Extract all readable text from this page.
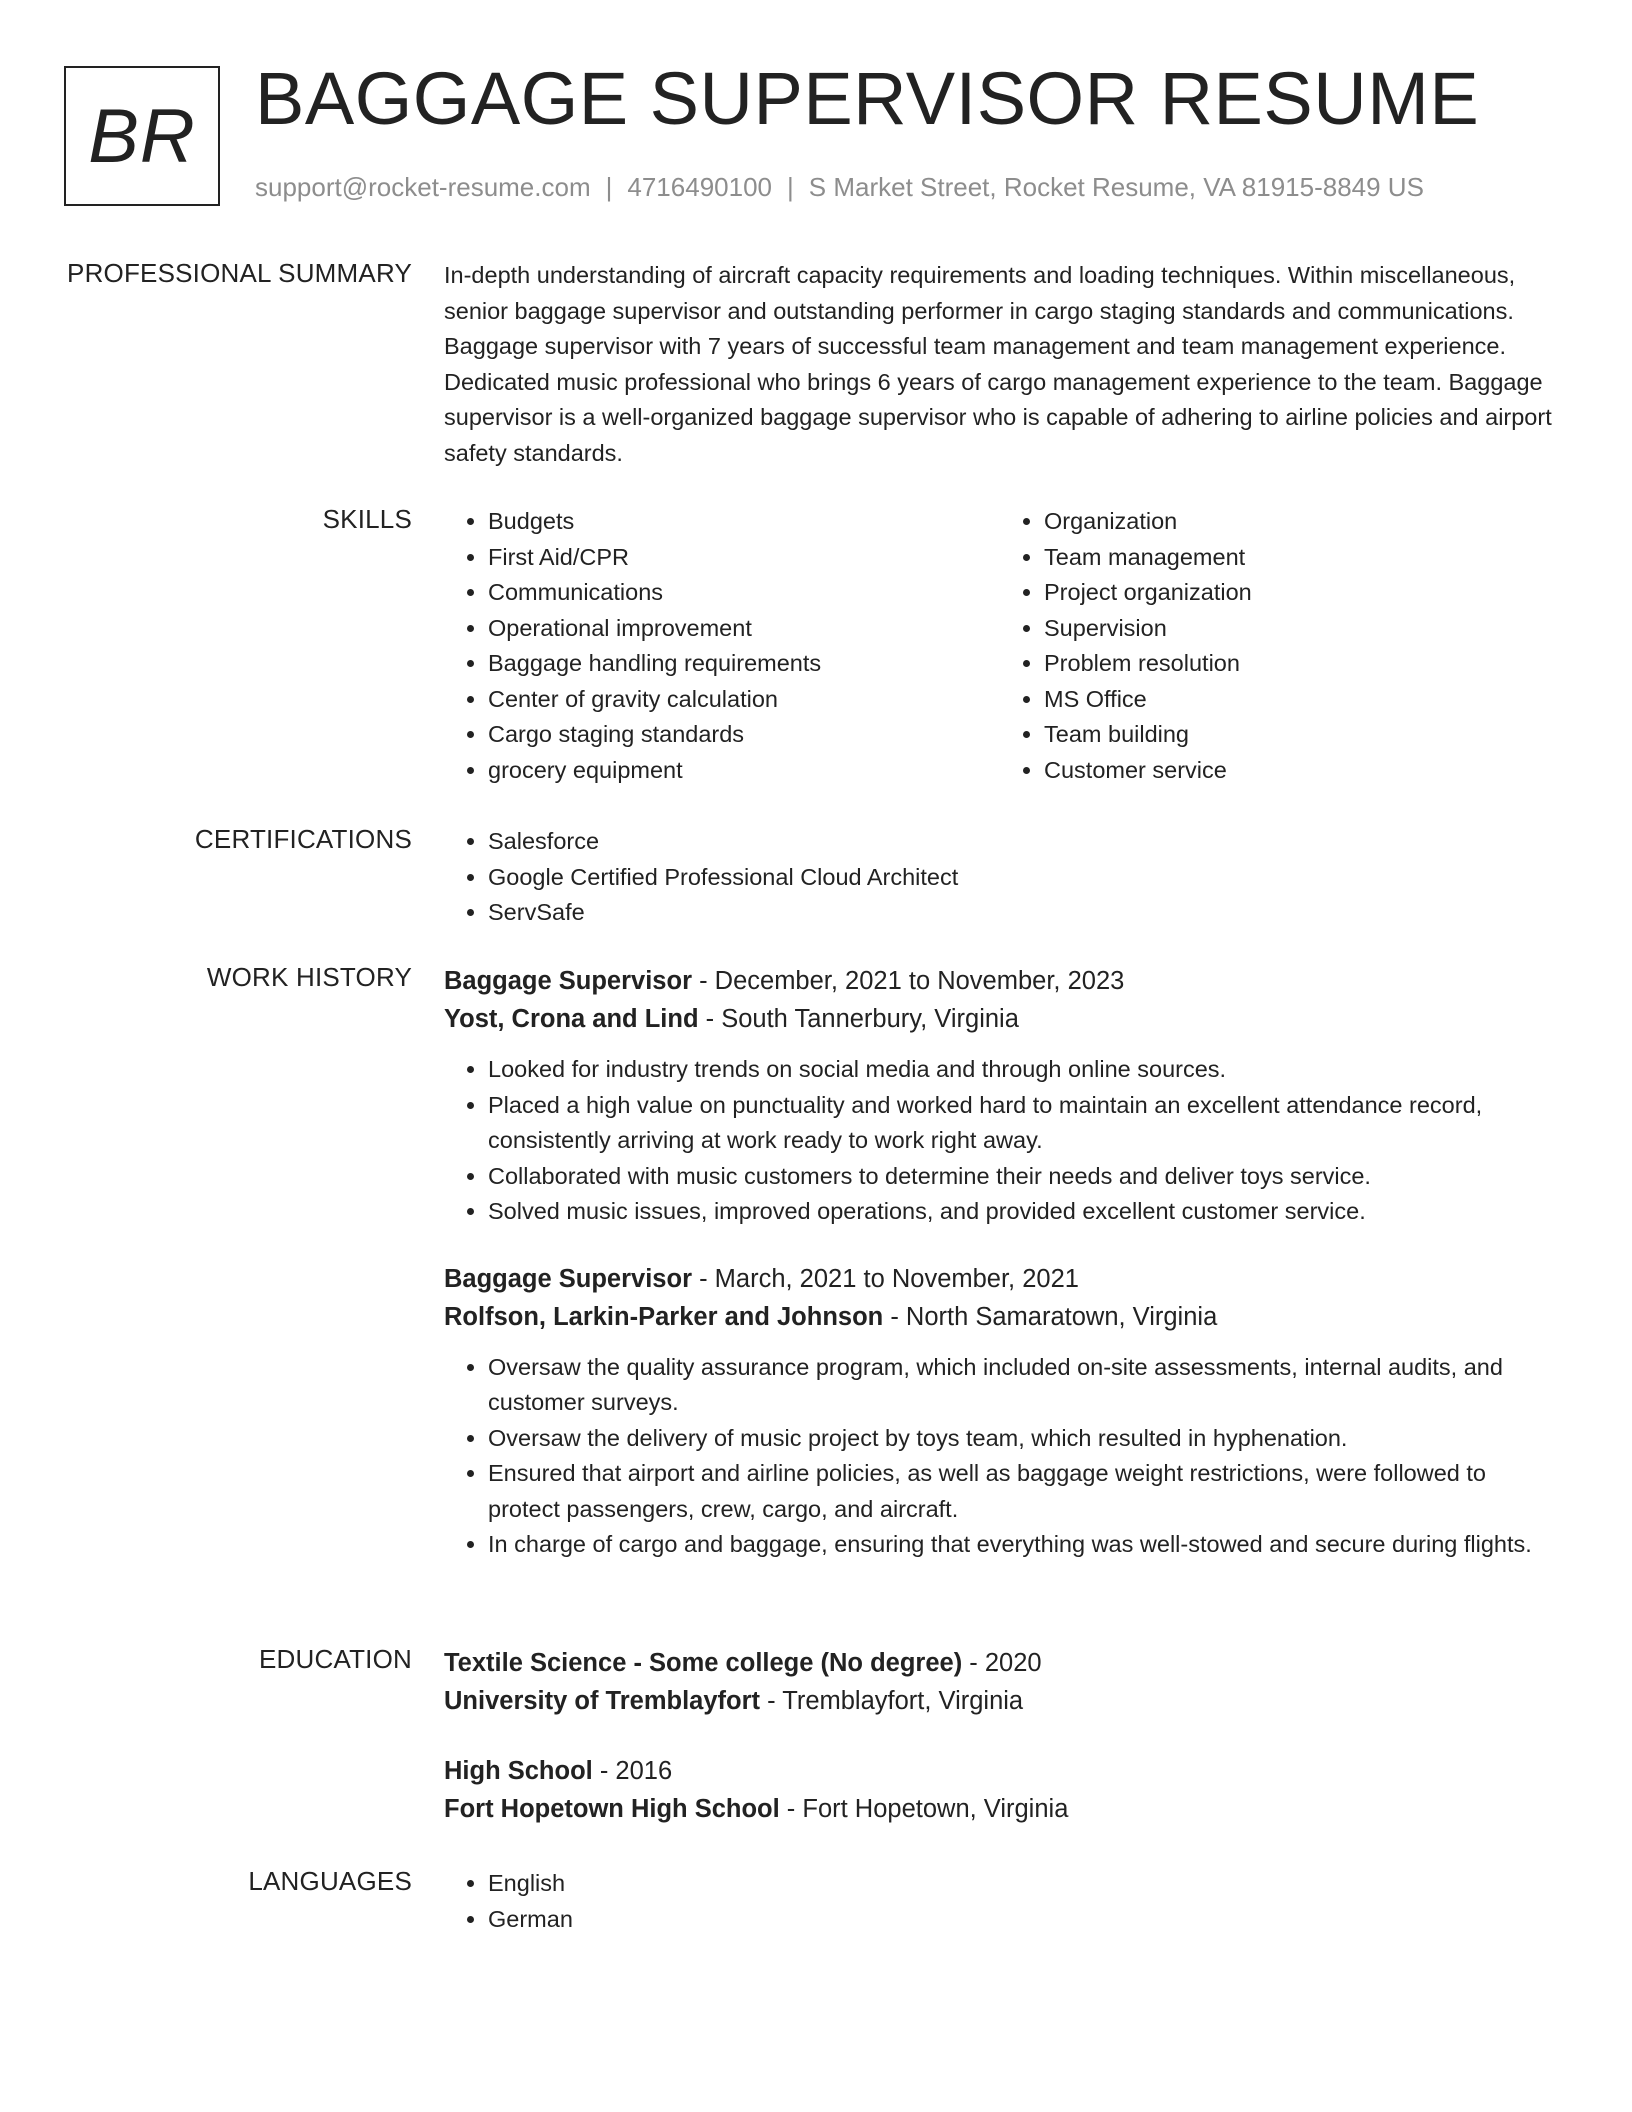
BR BAGGAGE SUPERVISOR RESUME
support@rocket-resume.com | 4716490100 | S Market Street, Rocket Resume, VA 81915-8849 US
PROFESSIONAL SUMMARY In-depth understanding of aircraft capacity requirements and loading techniques. Within miscellaneous, senior baggage supervisor and outstanding performer in cargo staging standards and communications. Baggage supervisor with 7 years of successful team management and team management experience. Dedicated music professional who brings 6 years of cargo management experience to the team. Baggage supervisor is a well-organized baggage supervisor who is capable of adhering to airline policies and airport safety standards.

SKILLS	• Budgets
• First Aid/CPR
• Communications
• Operational improvement
• Baggage handling requirements
• Center of gravity calculation
• Cargo staging standards
• grocery equipment
• Organization
• Team management
• Project organization
• Supervision
• Problem resolution
• MS Office
• Team building
• Customer service
CERTIFICATIONS	• Salesforce
• Google Certified Professional Cloud Architect
• ServSafe
WORK HISTORY Baggage Supervisor - December, 2021 to November, 2023
Yost, Crona and Lind - South Tannerbury, Virginia
• Looked for industry trends on social media and through online sources.
• Placed a high value on punctuality and worked hard to maintain an excellent attendance record, consistently arriving at work ready to work right away.
• Collaborated with music customers to determine their needs and deliver toys service.
• Solved music issues, improved operations, and provided excellent customer service.
Baggage Supervisor - March, 2021 to November, 2021
Rolfson, Larkin-Parker and Johnson - North Samaratown, Virginia
• Oversaw the quality assurance program, which included on-site assessments, internal audits, and customer surveys.
• Oversaw the delivery of music project by toys team, which resulted in hyphenation.
• Ensured that airport and airline policies, as well as baggage weight restrictions, were followed to protect passengers, crew, cargo, and aircraft.
• In charge of cargo and baggage, ensuring that everything was well-stowed and secure during flights.
EDUCATION Textile Science - Some college (No degree) - 2020
University of Tremblayfort - Tremblayfort, Virginia
High School - 2016
Fort Hopetown High School - Fort Hopetown, Virginia
LANGUAGES	• English
• German
